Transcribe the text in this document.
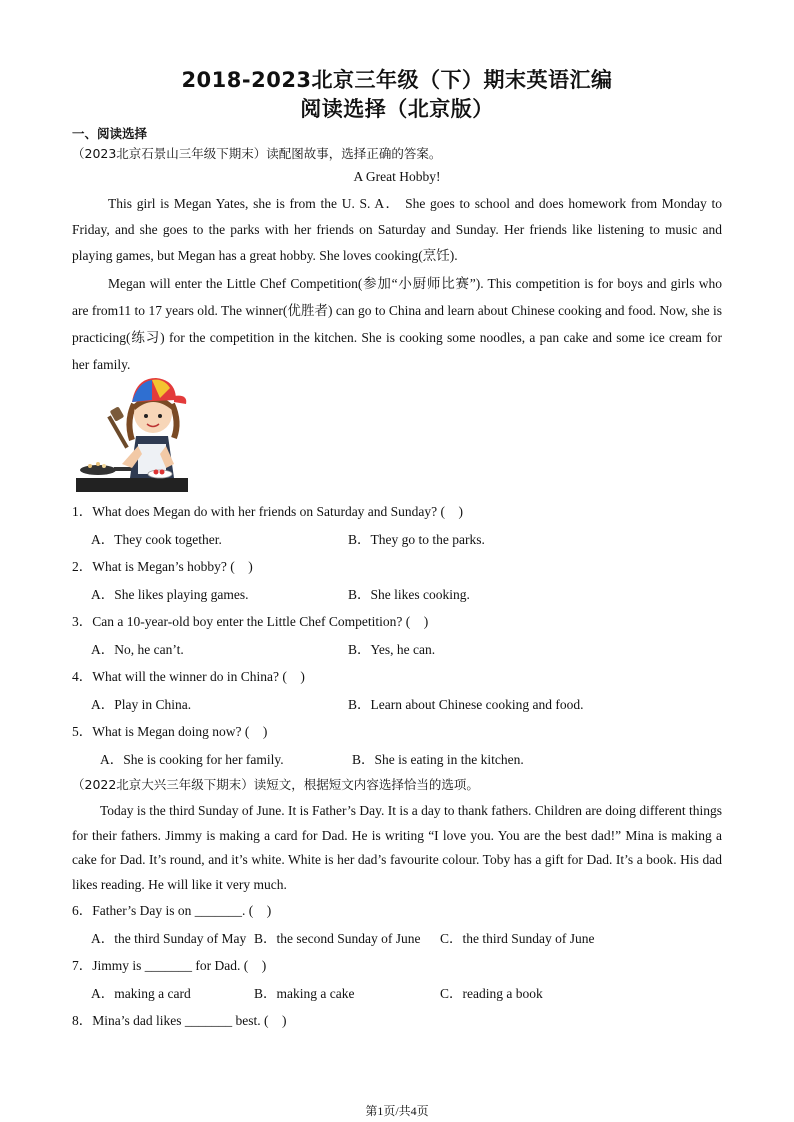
2018-2023北京三年级（下）期末英语汇编
阅读选择（北京版）
一、阅读选择
（2023北京石景山三年级下期末）读配图故事，选择正确的答案。
A Great Hobby!
This girl is Megan Yates, she is from the U. S. A． She goes to school and does homework from Monday to Friday, and she goes to the parks with her friends on Saturday and Sunday. Her friends like listening to music and playing games, but Megan has a great hobby. She loves cooking(烹饪).
Megan will enter the Little Chef Competition(参加“小厨师比赛”). This competition is for boys and girls who are from11 to 17 years old. The winner(优胜者) can go to China and learn about Chinese cooking and food. Now, she is practicing(练习) for the competition in the kitchen. She is cooking some noodles, a pan cake and some ice cream for her family.
1．What does Megan do with her friends on Saturday and Sunday? (　)
A．They cook together.	B．They go to the parks.
2．What is Megan’s hobby? (　)
A．She likes playing games.	B．She likes cooking.
3．Can a 10-year-old boy enter the Little Chef Competition? (　)
A．No, he can’t.	B．Yes, he can.
4．What will the winner do in China? (　)
A．Play in China.	B．Learn about Chinese cooking and food.
5．What is Megan doing now? (　)
A．She is cooking for her family.	B．She is eating in the kitchen.
（2022北京大兴三年级下期末）读短文，根据短文内容选择恰当的选项。
Today is the third Sunday of June. It is Father’s Day. It is a day to thank fathers. Children are doing different things for their fathers. Jimmy is making a card for Dad. He is writing “I love you. You are the best dad!” Mina is making a cake for Dad. It’s round, and it’s white. White is her dad’s favourite colour. Toby has a gift for Dad. It’s a book. His dad likes reading. He will like it very much.
6．Father’s Day is on _______. (　)
A．the third Sunday of May B．the second Sunday of June C．the third Sunday of June
7．Jimmy is _______ for Dad. (　)
A．making a card	B．making a cake	C．reading a book
8．Mina’s dad likes _______ best. (　)
第1页/共4页
